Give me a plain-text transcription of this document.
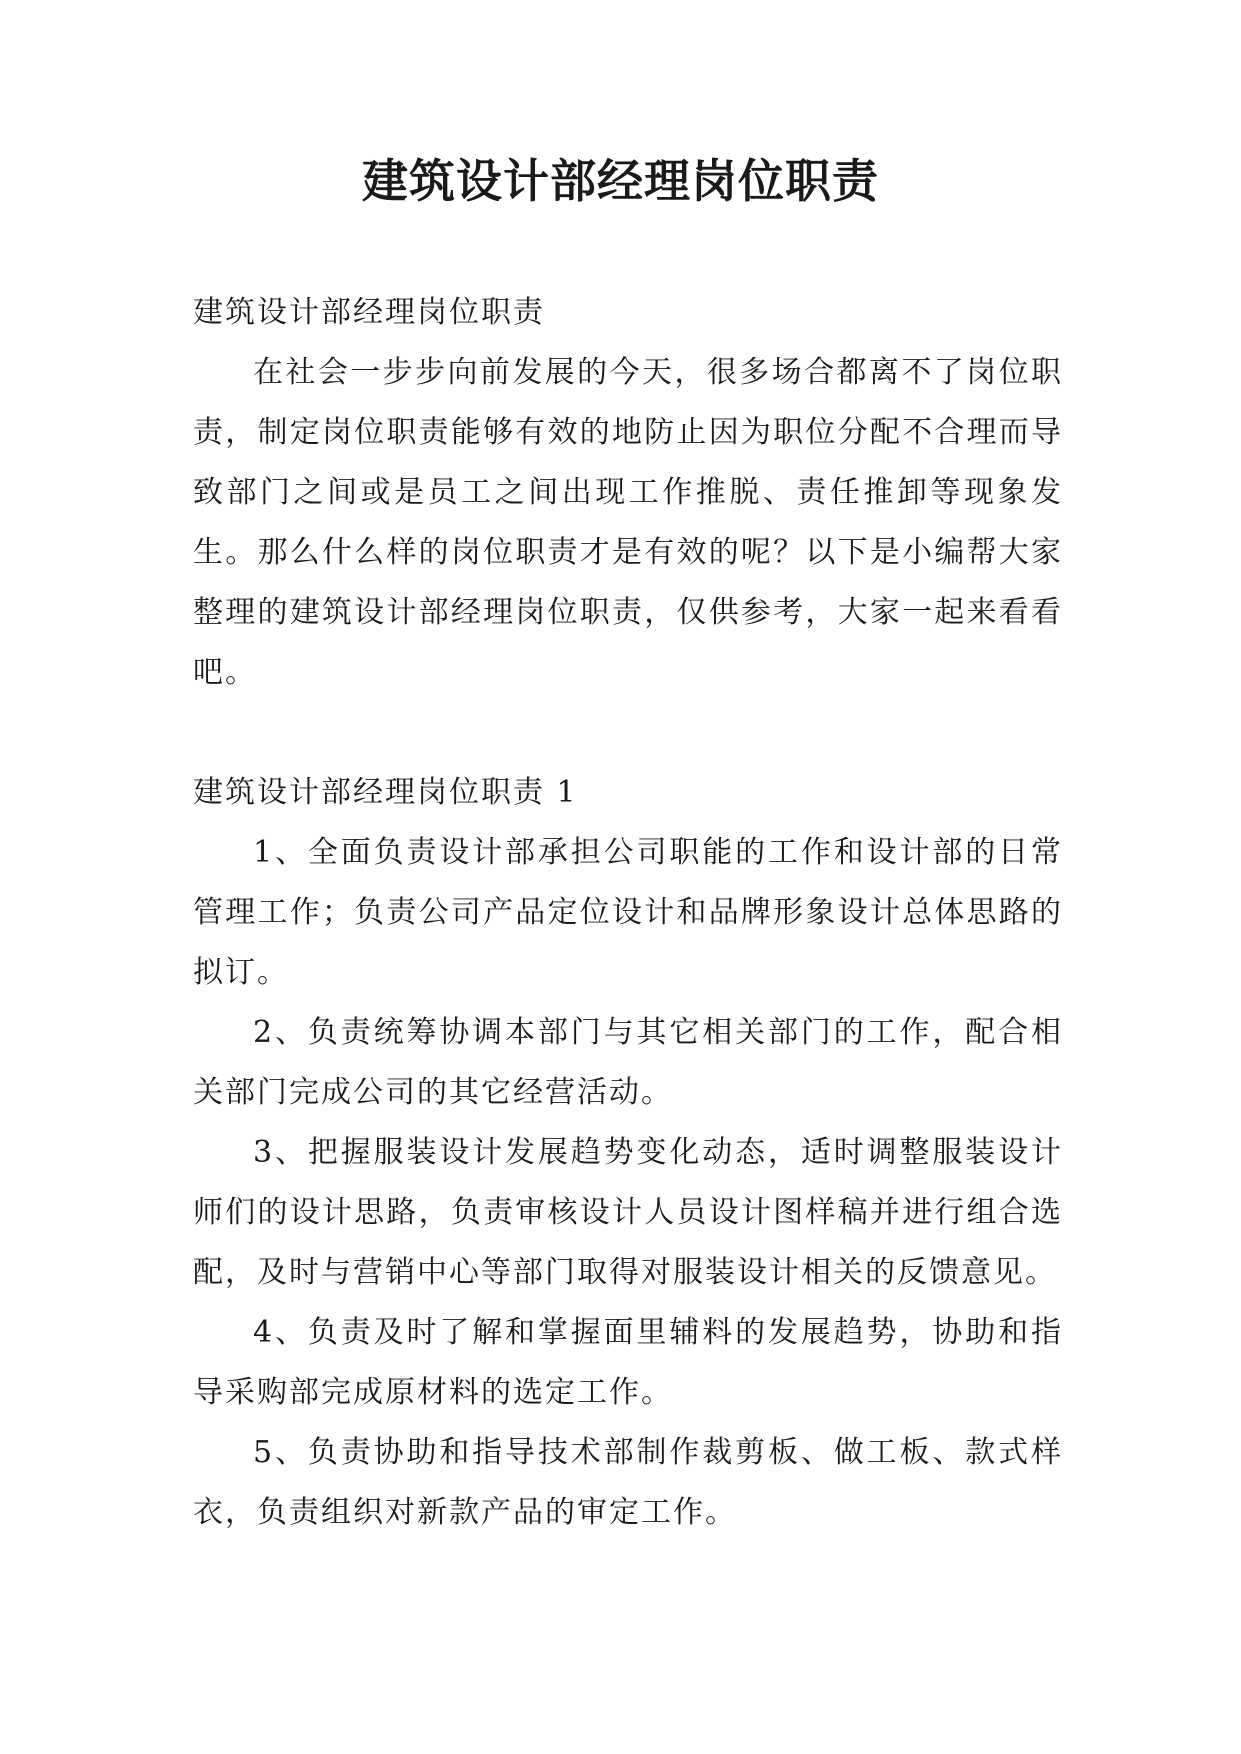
建筑设计部经理岗位职责

建筑设计部经理岗位职责

在社会一步步向前发展的今天，很多场合都离不了岗位职责，制定岗位职责能够有效的地防止因为职位分配不合理而导致部门之间或是员工之间出现工作推脱、责任推卸等现象发生。那么什么样的岗位职责才是有效的呢？以下是小编帮大家整理的建筑设计部经理岗位职责，仅供参考，大家一起来看看吧。

建筑设计部经理岗位职责 1

1、全面负责设计部承担公司职能的工作和设计部的日常管理工作；负责公司产品定位设计和品牌形象设计总体思路的拟订。

2、负责统筹协调本部门与其它相关部门的工作，配合相关部门完成公司的其它经营活动。

3、把握服装设计发展趋势变化动态，适时调整服装设计师们的设计思路，负责审核设计人员设计图样稿并进行组合选配，及时与营销中心等部门取得对服装设计相关的反馈意见。

4、负责及时了解和掌握面里辅料的发展趋势，协助和指导采购部完成原材料的选定工作。

5、负责协助和指导技术部制作裁剪板、做工板、款式样衣，负责组织对新款产品的审定工作。
